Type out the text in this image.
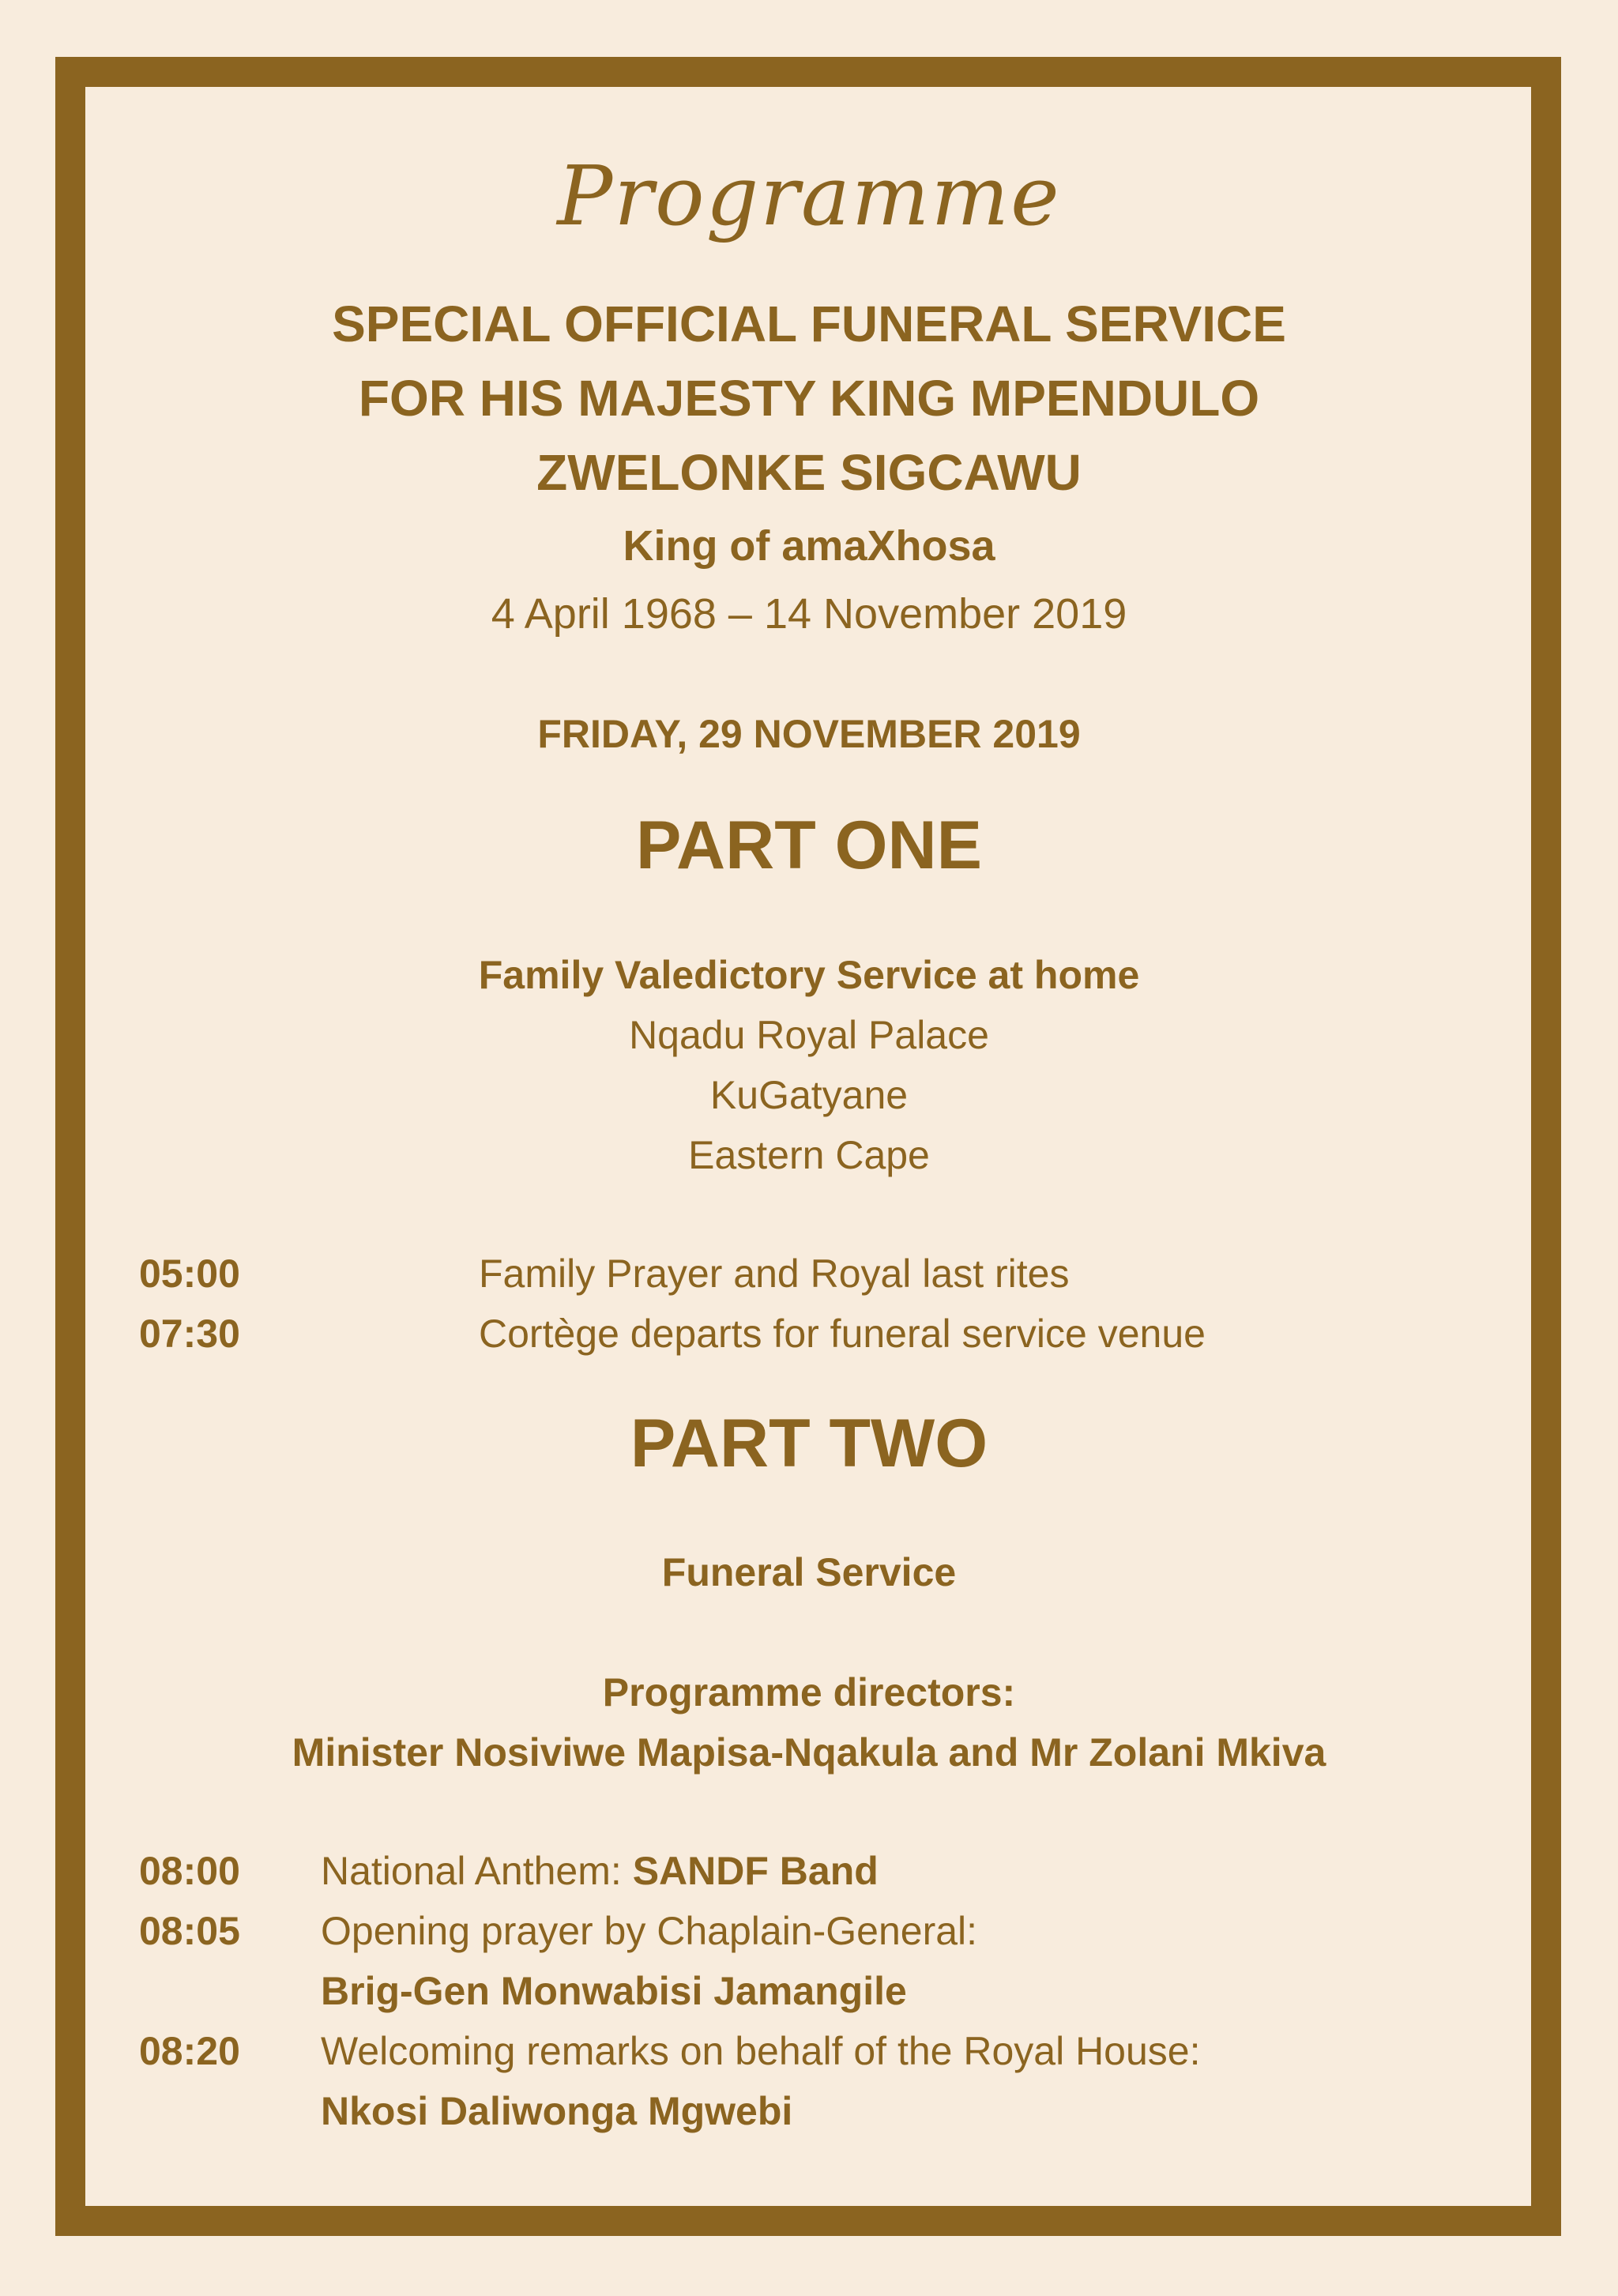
Programme
SPECIAL OFFICIAL FUNERAL SERVICE
FOR HIS MAJESTY KING MPENDULO
ZWELONKE SIGCAWU
King of amaXhosa
4 April 1968 – 14 November 2019
FRIDAY, 29 NOVEMBER 2019
PART ONE
Family Valedictory Service at home
Nqadu Royal Palace
KuGatyane
Eastern Cape
05:00	Family Prayer and Royal last rites
07:30	Cortège departs for funeral service venue
PART TWO
Funeral Service
Programme directors:
Minister Nosiviwe Mapisa-Nqakula and Mr Zolani Mkiva
08:00 National Anthem: SANDF Band
08:05 Opening prayer by Chaplain-General:
Brig-Gen Monwabisi Jamangile
08:20 Welcoming remarks on behalf of the Royal House:
Nkosi Daliwonga Mgwebi
